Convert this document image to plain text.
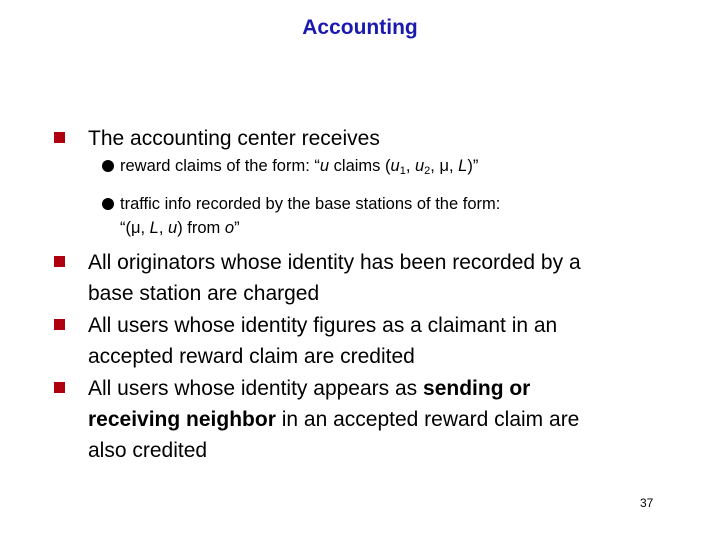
Accounting
The accounting center receives
reward claims of the form: “u claims ($u_1$, $u_2$, μ, L)”
traffic info recorded by the base stations of the form:
“(μ, L, u) from o”
All originators whose identity has been recorded by a
base station are charged
All users whose identity figures as a claimant in an
accepted reward claim are credited
All users whose identity appears as sending or
receiving neighbor in an accepted reward claim are
also credited
37
